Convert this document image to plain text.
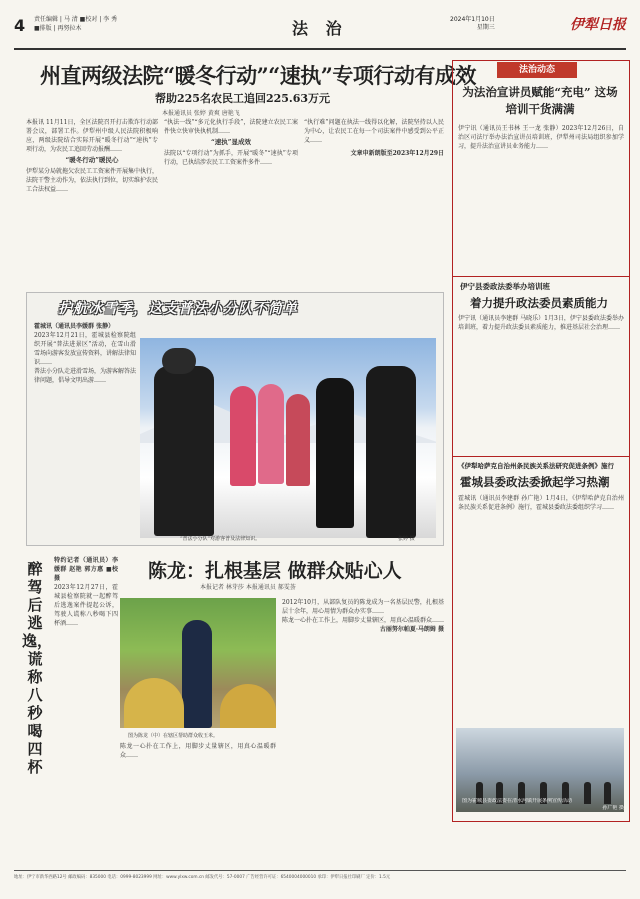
4 责任编辑 | 马 清 ■校对 | 李 秀
■排版 | 再努拉木	法 治	2024年1月10日
星期三	伊犁日报
州直两级法院“暖冬行动”“速执”专项行动有成效
帮助225名农民工追回225.63万元
本报通讯员 张婷 黄爽 唐艳飞

本报讯 11月11日，全区法院召开打击欺诈行动部署会议，部署工作。伊犁州中级人民法院积极响应，两级法院结合实际开展“暖冬行动”“速执”专项行动，为农民工追回劳动报酬……

“暖冬行动”暖民心

伊犁某分局就拖欠农民工工资案件开展集中执行，法院干警主动作为，依法执行到位，切实维护农民工合法权益……

“执法一线”“多元化执行手段”，法院建立农民工案件快立快审快执机制……

“速执”显成效

法院以“专项行动”为抓手，开展“暖冬”“速执”专项行动，已执结涉农民工工资案件多件……

“执行难”问题在执法一线得以化解，法院坚持以人民为中心，让农民工在每一个司法案件中感受到公平正义……

文章申新朗版至2023年12月29日

法治动态
为法治宣讲员赋能“充电” 这场培训干货满满

伊宁讯（通讯员王书林 王一龙 张静）2023年12月26日，自治区司法厅举办法治宣讲员培训班，伊犁州司法局组织参加学习，提升法治宣讲员业务能力……

伊宁县委政法委举办培训班
着力提升政法委员素质能力

伊宁讯（通讯员李建群 马晓乐）1月3日，伊宁县委政法委举办培训班，着力提升政法委员素质能力，推进基层社会治理……

《伊犁哈萨克自治州条民族关系法研究促进条例》施行
霍城县委政法委掀起学习热潮

霍城讯（通讯员李建群 孙广艳）1月4日，《伊犁哈萨克自治州条民族关系促进条例》施行，霍城县委政法委组织学习……

图为霍城县委政法委在清水河镇开展条例宣传活动

孙广艳 摄
护航冰雪季，这支普法小分队不简单

霍城讯（通讯员李媛群 张静）

2023年12月21日，霍城县检察院组织开展“普法进景区”活动，在雪山滑雪场向游客发放宣传资料，讲解法律知识……

普法小分队走进滑雪场，为游客解答法律问题，倡导文明出游……

“普法小分队”对游客普及法律知识。	张婷 摄
醉驾后逃逸，谎称八秒喝四杯

特约记者（通讯员）李媛群 赵艳 郭方惠 ■校摄

2023年12月27日，霍城县检察院就一起醉驾后逃逸案件提起公诉，驾驶人谎称八秒喝下四杯酒……

陈龙：扎根基层 做群众贴心人
本报记者 林芽莎 本报通讯员 郝雯荟
图为陈龙（中）在辖区帮助群众收玉米。

2012年10月，从部队复员的陈龙成为一名基层民警，扎根基层十余年，用心用情为群众办实事……

陈龙一心扑在工作上，用脚步丈量辖区，用真心温暖群众……

古丽努尔帕夏·马朗姆 摄

陈龙一心扑在工作上，用脚步丈量辖区，用真心温暖群众……

地址：伊宁市新华西路12号 邮政编码：835000 电话：0999-8023999 网址：www.ylxw.com.cn 邮发代号：57-0007 广告经营许可证：6540004000010 承印：伊犁日报社印刷厂 定价：1.5元
